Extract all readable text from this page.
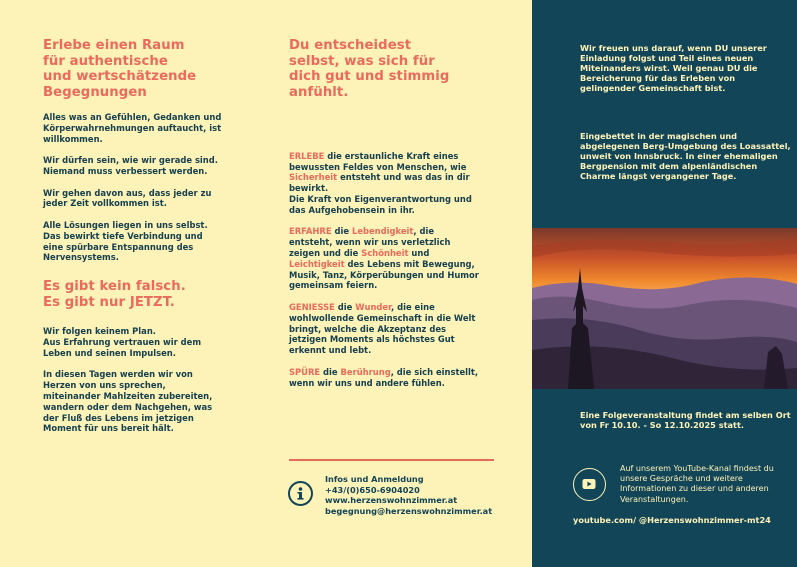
Erlebe einen Raum
für authentische
und wertschätzende
Begegnungen

Alles was an Gefühlen, Gedanken und Körperwahrnehmungen auftaucht, ist willkommen.

Wir dürfen sein, wie wir gerade sind. Niemand muss verbessert werden.

Wir gehen davon aus, dass jeder zu jeder Zeit vollkommen ist.

Alle Lösungen liegen in uns selbst. Das bewirkt tiefe Verbindung und eine spürbare Entspannung des Nervensystems.

Es gibt kein falsch.
Es gibt nur JETZT.

Wir folgen keinem Plan.
Aus Erfahrung vertrauen wir dem Leben und seinen Impulsen.

In diesen Tagen werden wir von Herzen von uns sprechen, miteinander Mahlzeiten zubereiten, wandern oder dem Nachgehen, was der Fluß des Lebens im jetzigen Moment für uns bereit hält.

Du entscheidest
selbst, was sich für
dich gut und stimmig
anfühlt.

ERLEBE die erstaunliche Kraft eines bewussten Feldes von Menschen, wie Sicherheit entsteht und was das in dir bewirkt.
Die Kraft von Eigenverantwortung und das Aufgehobensein in ihr.

ERFAHRE die Lebendigkeit, die entsteht, wenn wir uns verletzlich zeigen und die Schönheit und Leichtigkeit des Lebens mit Bewegung, Musik, Tanz, Körperübungen und Humor gemeinsam feiern.

GENIESSE die Wunder, die eine wohlwollende Gemeinschaft in die Welt bringt, welche die Akzeptanz des jetzigen Moments als höchstes Gut erkennt und lebt.

SPÜRE die Berührung, die sich einstellt, wenn wir uns und andere fühlen.

Infos und Anmeldung
+43/(0)650-6904020
www.herzenswohnzimmer.at
begegnung@herzenswohnzimmer.at
Wir freuen uns darauf, wenn DU unserer Einladung folgst und Teil eines neuen Miteinanders wirst. Weil genau DU die Bereicherung für das Erleben von gelingender Gemeinschaft bist.
Eingebettet in der magischen und abgelegenen Berg-Umgebung des Loassattel, unweit von Innsbruck. In einer ehemaligen Bergpension mit dem alpenländischen Charme längst vergangener Tage.
Eine Folgeveranstaltung findet am selben Ort von Fr 10.10. - So 12.10.2025 statt.
Auf unserem YouTube-Kanal findest du unsere Gespräche und weitere Informationen zu dieser und anderen Veranstaltungen.
youtube.com/ @Herzenswohnzimmer-mt24
